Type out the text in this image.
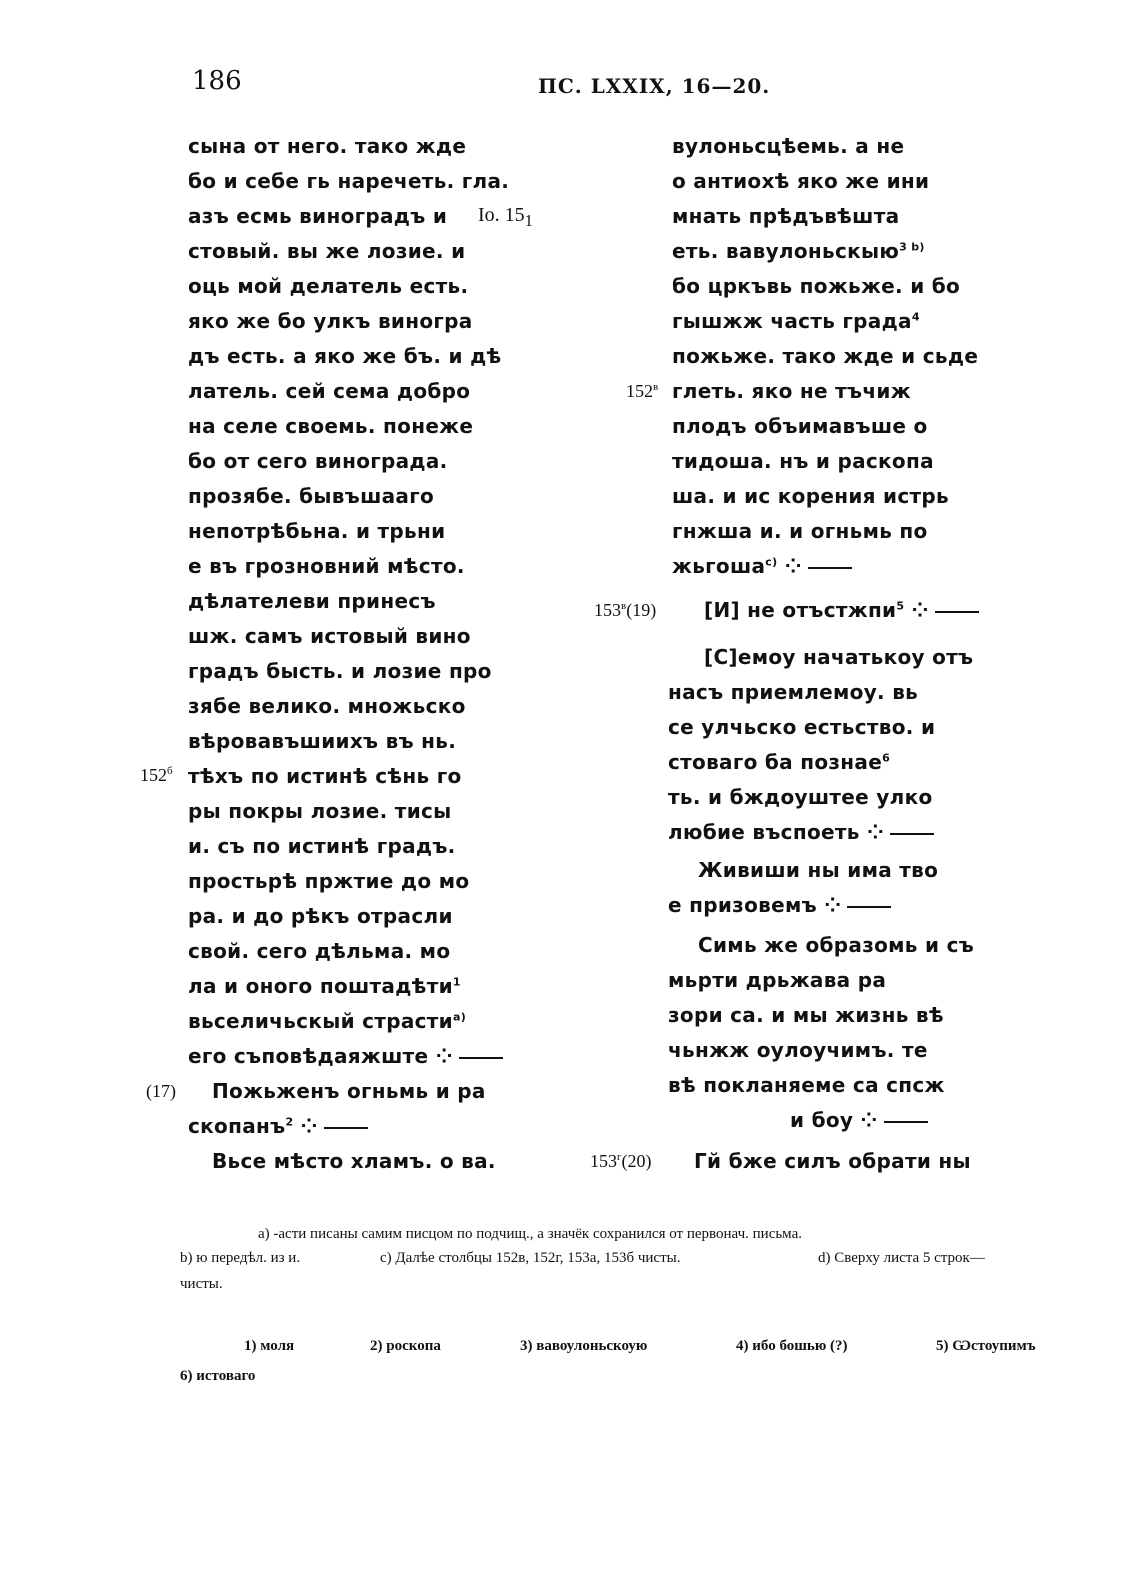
186	ПС. LXXIX, 16—20.
сына от него. тако жде
бо и себе гь наречеть. гла.
азъ есмь виноградъ и
стовый. вы же лозие. и
оць мой делатель есть.
яко же бо улкъ виногра
дъ есть. а яко же бъ. и дѣ
латель. сей сема добро
на селе своемь. понеже
бо от сего винограда.
прозябе. бывъшааго
непотрѣбьна. и трьни
е въ грозновний мѣсто.
дѣлателеви принесъ
шж. самъ истовый вино
градъ бысть. и лозие про
зябе велико. множьско
вѣровавъшиихъ въ нь.
тѣхъ по истинѣ сѣнь го
ры покры лозие. тисы
и. съ по истинѣ градъ.
простьрѣ пржтие до мо
ра. и до рѣкъ отрасли
свой. сего дѣльма. мо
ла и оного поштадѣти$^1$
вьселичьскый страсти$^{a)}$
его съповѣдаяжште ⁘
Пожьженъ огньмь и ра
скопанъ$^2$ ⁘
Вьсе мѣсто хламъ. о ва.
Іо. $15_1$
$152^б$
(17)
вулоньсцѣемь. а не
о антиохѣ яко же ини
мнать прѣдъвѣшта
еть. вавулоньскыю$^{3 b)}$
бо цркъвь пожьже. и бо
гышжж часть града$^4$
пожьже. тако жде и сьде
глеть. яко не тъчиж
плодъ объимавъше о
тидоша. нъ и раскопа
ша. и ис корения истрь
гнжша и. и огньмь по
жьгоша$^{c)}$ ⁘
[И] не отъстжпи$^5$ ⁘
[С]емоу начатькоу отъ
насъ приемлемоу. вь
се улчьско естьство. и
стоваго ба познае$^6$
ть. и бждоуштее улко
любие въспоеть ⁘
Живиши ны има тво
е призовемъ ⁘
Симь же образомь и съ
мьрти дрьжава ра
зори са. и мы жизнь вѣ
чьнжж оулоучимъ. те
вѣ покланяеме са спсж
и боу ⁘
Гй бже силъ обрати ны
$152^в$
$153^в(19)$
$153^г(20)$
a) -асти писаны самим писцом по подчищ., а значёк сохранился от первонач. письма.
b) ю передѣл. из и.	c) Далѣе столбцы 152в, 152г, 153а, 153б чисты.	d) Сверху листа 5 строк—
чисты.
1) моля	2) роскопа	3) вавоулоньскоую	4) ибо бошью (?)	5) Ѡстоупимъ
6) истоваго
